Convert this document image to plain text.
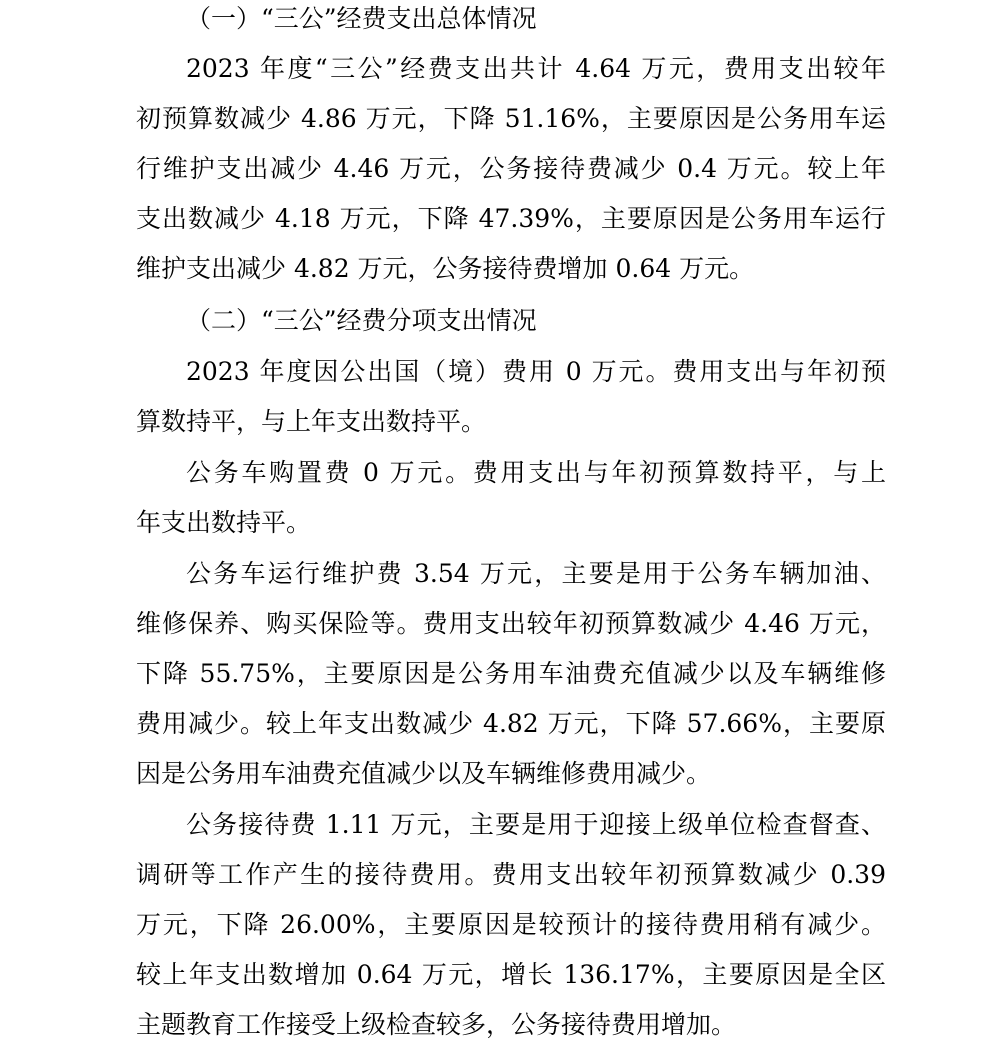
（一）“三公”经费支出总体情况
2023 年度“三公”经费支出共计 4.64 万元，费用支出较年
初预算数减少 4.86 万元，下降 51.16%，主要原因是公务用车运
行维护支出减少 4.46 万元，公务接待费减少 0.4 万元。较上年
支出数减少 4.18 万元，下降 47.39%，主要原因是公务用车运行
维护支出减少 4.82 万元，公务接待费增加 0.64 万元。
（二）“三公”经费分项支出情况
2023 年度因公出国（境）费用 0 万元。费用支出与年初预
算数持平，与上年支出数持平。
公务车购置费 0 万元。费用支出与年初预算数持平，与上
年支出数持平。
公务车运行维护费 3.54 万元，主要是用于公务车辆加油、
维修保养、购买保险等。费用支出较年初预算数减少 4.46 万元，
下降 55.75%，主要原因是公务用车油费充值减少以及车辆维修
费用减少。较上年支出数减少 4.82 万元，下降 57.66%，主要原
因是公务用车油费充值减少以及车辆维修费用减少。
公务接待费 1.11 万元，主要是用于迎接上级单位检查督查、
调研等工作产生的接待费用。费用支出较年初预算数减少 0.39
万元，下降 26.00%，主要原因是较预计的接待费用稍有减少。
较上年支出数增加 0.64 万元，增长 136.17%，主要原因是全区
主题教育工作接受上级检查较多，公务接待费用增加。
